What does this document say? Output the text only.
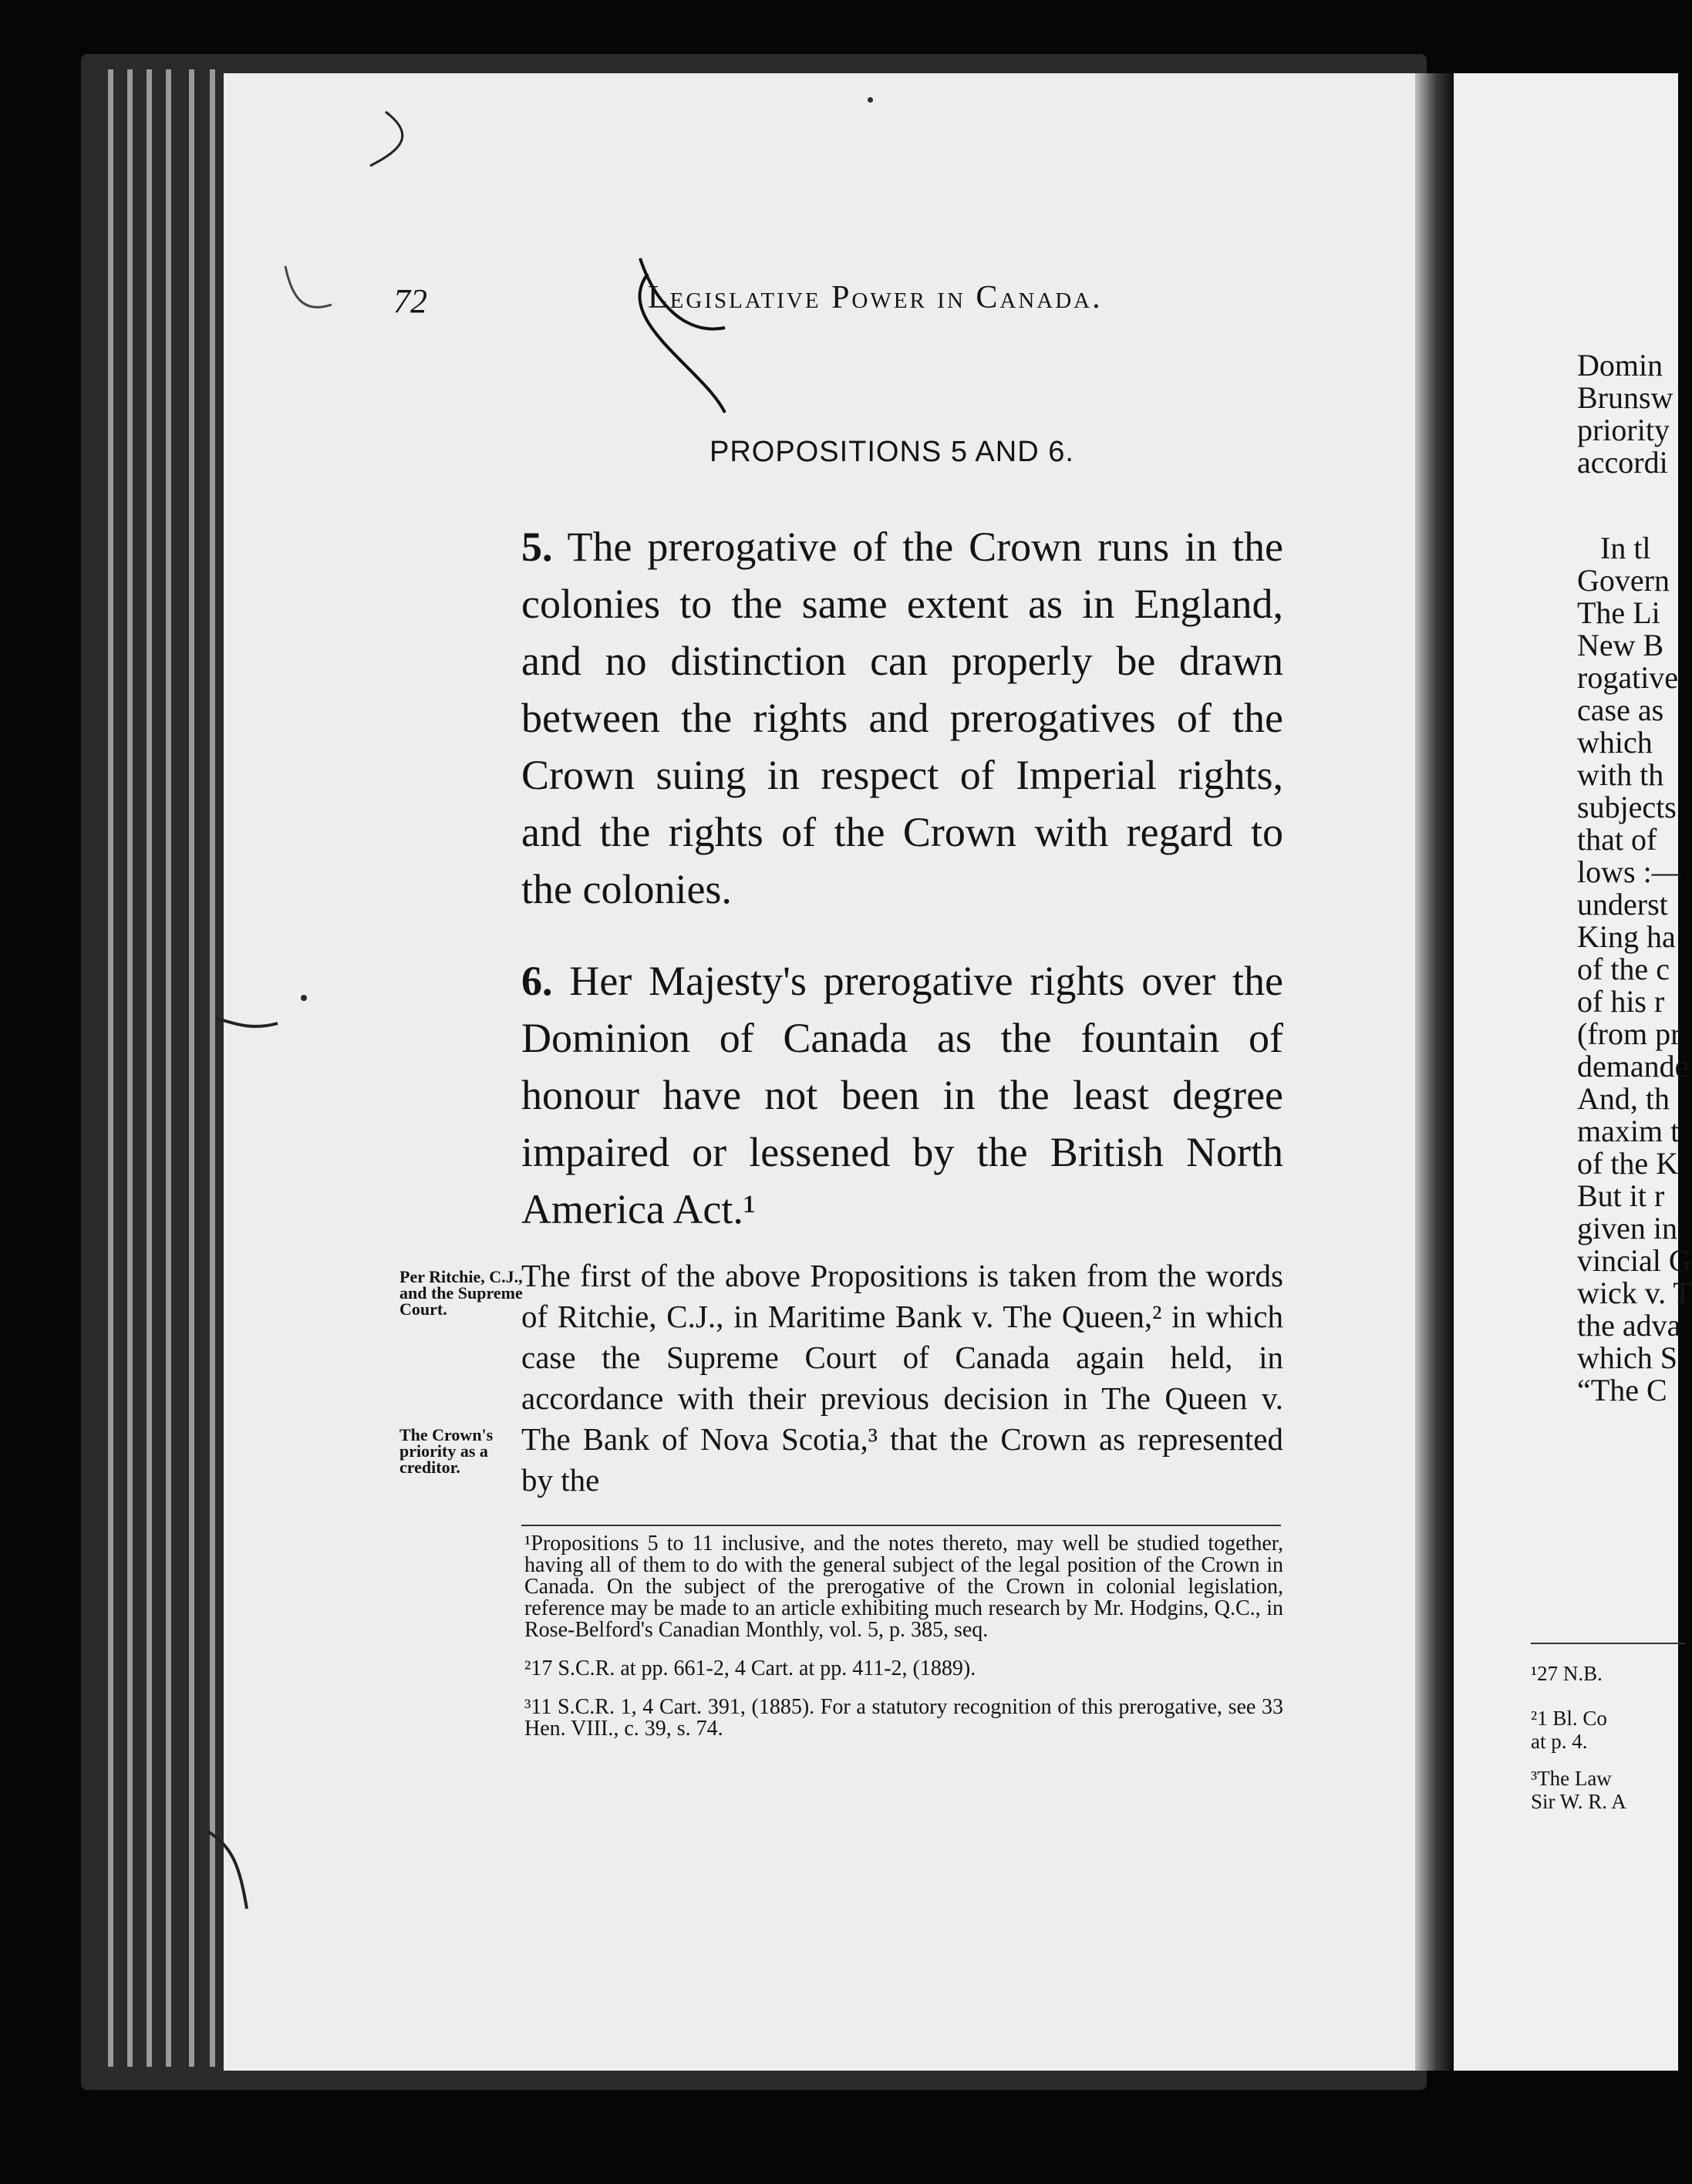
72	Legislative Power in Canada.
PROPOSITIONS 5 AND 6.

5. The prerogative of the Crown runs in the colonies to the same extent as in England, and no distinction can properly be drawn between the rights and prerogatives of the Crown suing in respect of Imperial rights, and the rights of the Crown with regard to the colonies.

6. Her Majesty's prerogative rights over the Dominion of Canada as the fountain of honour have not been in the least degree impaired or lessened by the British North America Act.¹

Per Ritchie, C.J., and the Supreme Court.
The Crown's priority as a creditor.

The first of the above Propositions is taken from the words of Ritchie, C.J., in Maritime Bank v. The Queen,² in which case the Supreme Court of Canada again held, in accordance with their previous decision in The Queen v. The Bank of Nova Scotia,³ that the Crown as represented by the

¹Propositions 5 to 11 inclusive, and the notes thereto, may well be studied together, having all of them to do with the general subject of the legal position of the Crown in Canada. On the subject of the prerogative of the Crown in colonial legislation, reference may be made to an article exhibiting much research by Mr. Hodgins, Q.C., in Rose-Belford's Canadian Monthly, vol. 5, p. 385, seq.

²17 S.C.R. at pp. 661-2, 4 Cart. at pp. 411-2, (1889).

³11 S.C.R. 1, 4 Cart. 391, (1885). For a statutory recognition of this prerogative, see 33 Hen. VIII., c. 39, s. 74.

Domin
Brunsw
priority
accordi
In tl
Govern
The Li
New B
rogative
case as
which
with th
subjects
that of
lows :—
underst
King ha
of the c
of his r
(from pr
demande
And, th
maxim t
of the K
But it r
given in
vincial G
wick v. T
the adva
which S
“The C
¹27 N.B.
²1 Bl. Co
at p. 4.
³The Law
Sir W. R. A
